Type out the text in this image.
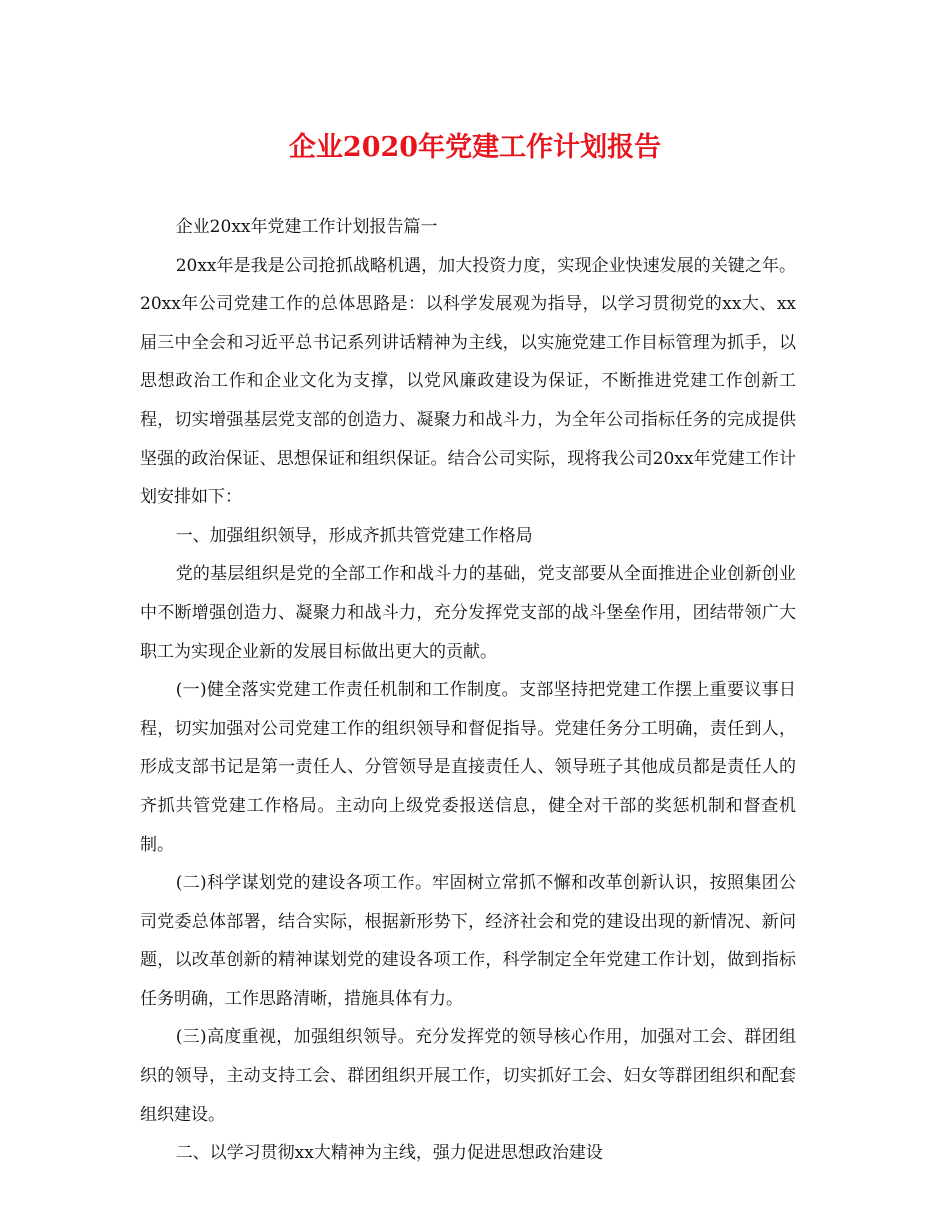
企业2020年党建工作计划报告

企业20xx年党建工作计划报告篇一

20xx年是我是公司抢抓战略机遇，加大投资力度，实现企业快速发展的关键之年。20xx年公司党建工作的总体思路是：以科学发展观为指导，以学习贯彻党的xx大、xx届三中全会和习近平总书记系列讲话精神为主线，以实施党建工作目标管理为抓手，以思想政治工作和企业文化为支撑，以党风廉政建设为保证，不断推进党建工作创新工程，切实增强基层党支部的创造力、凝聚力和战斗力，为全年公司指标任务的完成提供坚强的政治保证、思想保证和组织保证。结合公司实际，现将我公司20xx年党建工作计划安排如下：

一、加强组织领导，形成齐抓共管党建工作格局

党的基层组织是党的全部工作和战斗力的基础，党支部要从全面推进企业创新创业中不断增强创造力、凝聚力和战斗力，充分发挥党支部的战斗堡垒作用，团结带领广大职工为实现企业新的发展目标做出更大的贡献。

(一)健全落实党建工作责任机制和工作制度。支部坚持把党建工作摆上重要议事日程，切实加强对公司党建工作的组织领导和督促指导。党建任务分工明确，责任到人，形成支部书记是第一责任人、分管领导是直接责任人、领导班子其他成员都是责任人的齐抓共管党建工作格局。主动向上级党委报送信息，健全对干部的奖惩机制和督查机制。

(二)科学谋划党的建设各项工作。牢固树立常抓不懈和改革创新认识，按照集团公司党委总体部署，结合实际，根据新形势下，经济社会和党的建设出现的新情况、新问题，以改革创新的精神谋划党的建设各项工作，科学制定全年党建工作计划，做到指标任务明确，工作思路清晰，措施具体有力。

(三)高度重视，加强组织领导。充分发挥党的领导核心作用，加强对工会、群团组织的领导，主动支持工会、群团组织开展工作，切实抓好工会、妇女等群团组织和配套组织建设。

二、以学习贯彻xx大精神为主线，强力促进思想政治建设
